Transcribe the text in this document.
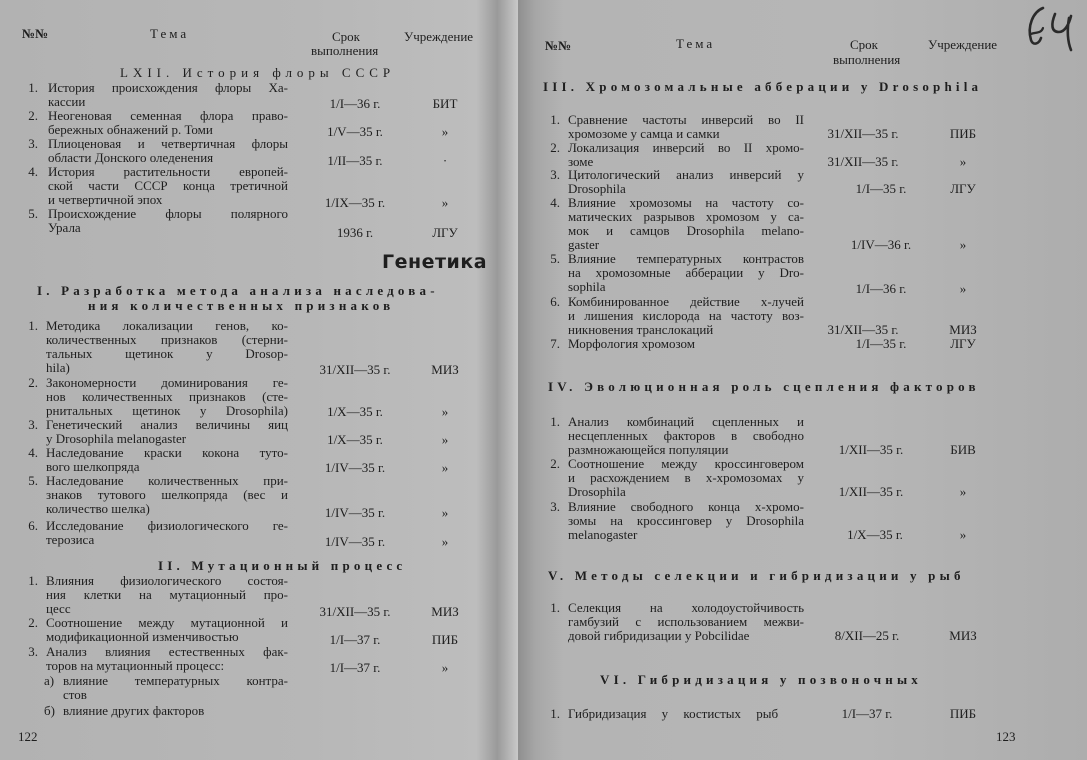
№№	Тема	Срок
выполнения
Учреждение
LXII. История флоры СССР
1. История происхождения флоры Ха-
кассии	1/I—36 г.	БИТ
2. Неогеновая семенная флора право-
бережных обнажений р. Томи	1/V—35 г.	»
3. Плиоценовая и четвертичная флоры
области Донского оледенения	1/II—35 г.	·
4. История растительности европей-
ской части СССР конца третичной
и четвертичной эпох	1/IX—35 г.	»
5. Происхождение флоры полярного
Урала	1936 г.	ЛГУ
Генетика
I. Разработка метода анализа наследова-
ния количественных признаков
1. Методика локализации генов, ко-
количественных признаков (стерни-
тальных щетинок у Drosop-
hila)	31/XII—35 г.	МИЗ
2. Закономерности доминирования ге-
нов количественных признаков (сте-
рнитальных щетинок у Drosophila)	1/X—35 г.	»
3. Генетический анализ величины яиц
у Drosophila melanogaster	1/X—35 г.	»
4. Наследование краски кокона туто-
вого шелкопряда	1/IV—35 г.	»
5. Наследование количественных при-
знаков тутового шелкопряда (вес и
количество шелка)	1/IV—35 г.	»
6. Исследование физиологического ге-
терозиса	1/IV—35 г.	»
II. Мутационный процесс
1. Влияния физиологического состоя-
ния клетки на мутационный про-
цесс	31/XII—35 г.	МИЗ
2. Соотношение между мутационной и
модификационной изменчивостью	1/I—37 г.	ПИБ
3. Анализ влияния естественных фак-
торов на мутационный процесс:	1/I—37 г.	»
а) влияние температурных контра-
стов
б) влияние других факторов
122
№№	Тема	Срок
выполнения
Учреждение
III. Хромозомальные абберации у Drosophila
1. Сравнение частоты инверсий во II
хромозоме у самца и самки	31/XII—35 г.	ПИБ
2. Локализация инверсий во II хромо-
зоме	31/XII—35 г.	»
3. Цитологический анализ инверсий у
Drosophila	1/I—35 г.	ЛГУ
4. Влияние хромозомы на частоту со-
матических разрывов хромозом у са-
мок и самцов Drosophila melano-
gaster	1/IV—36 г.	»
5. Влияние температурных контрастов
на хромозомные абберации у Dro-
sophila	1/I—36 г.	»
6. Комбинированное действие х-лучей
и лишения кислорода на частоту воз-
никновения транслокаций	31/XII—35 г.	МИЗ
7. Морфология хромозом	1/I—35 г.	ЛГУ
IV. Эволюционная роль сцепления факторов
1. Анализ комбинаций сцепленных и
несцепленных факторов в свободно
размножающейся популяции	1/XII—35 г.	БИВ
2. Соотношение между кроссинговером
и расхождением в х-хромозомах у
Drosophila	1/XII—35 г.	»
3. Влияние свободного конца х-хромо-
зомы на кроссинговер у Drosophila
melanogaster	1/X—35 г.	»
V. Методы селекции и гибридизации у рыб
1. Селекция на холодоустойчивость
гамбузий с использованием межви-
довой гибридизации у Pobcilidae	8/XII—25 г.	МИЗ
VI. Гибридизация у позвоночных
1. Гибридизация у костистых рыб	1/I—37 г.	ПИБ
123
